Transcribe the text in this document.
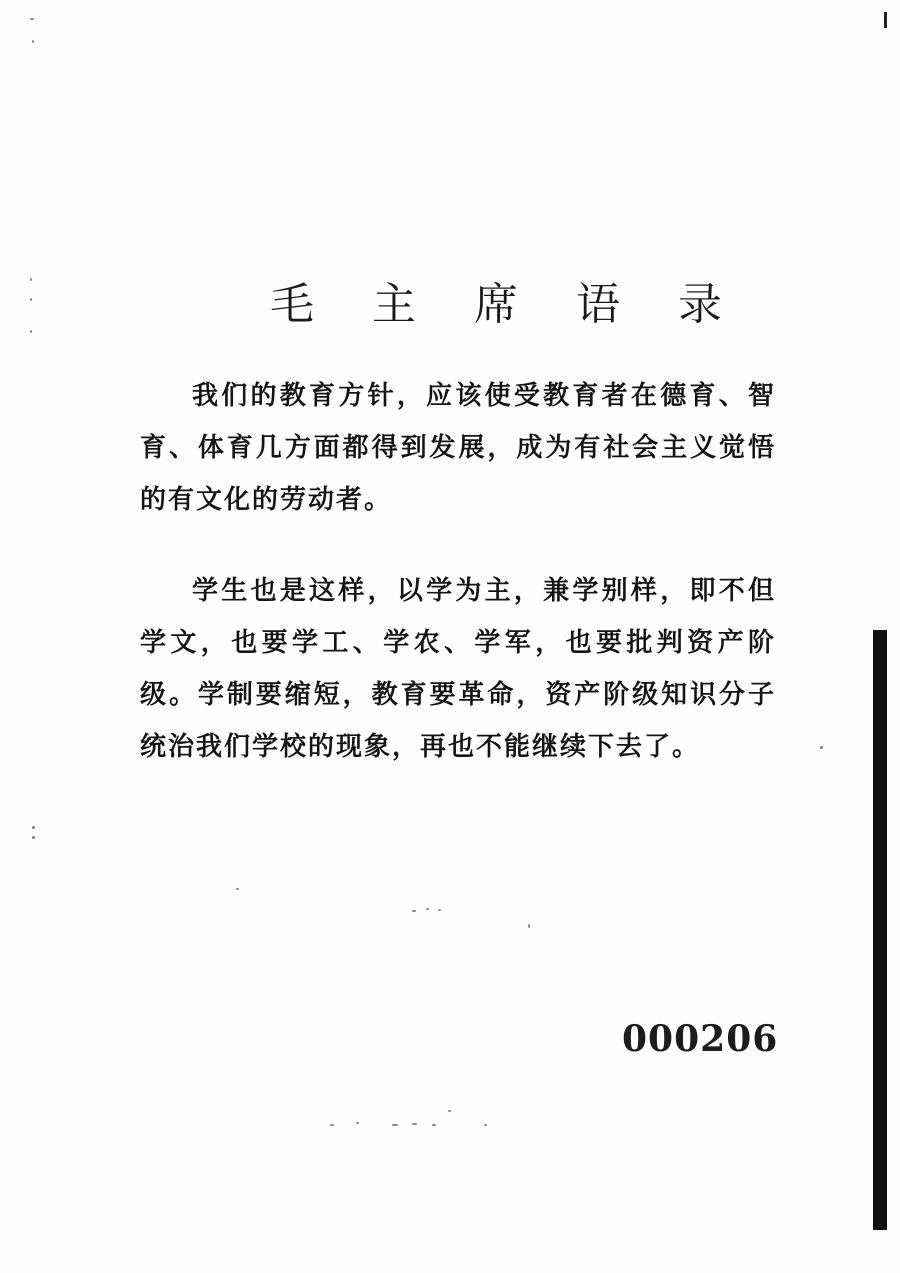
毛 主 席 语 录

我们的教育方针，应该使受教育者在德育、智育、体育几方面都得到发展，成为有社会主义觉悟的有文化的劳动者。

学生也是这样，以学为主，兼学别样，即不但学文，也要学工、学农、学军，也要批判资产阶级。学制要缩短，教育要革命，资产阶级知识分子统治我们学校的现象，再也不能继续下去了。

000206
